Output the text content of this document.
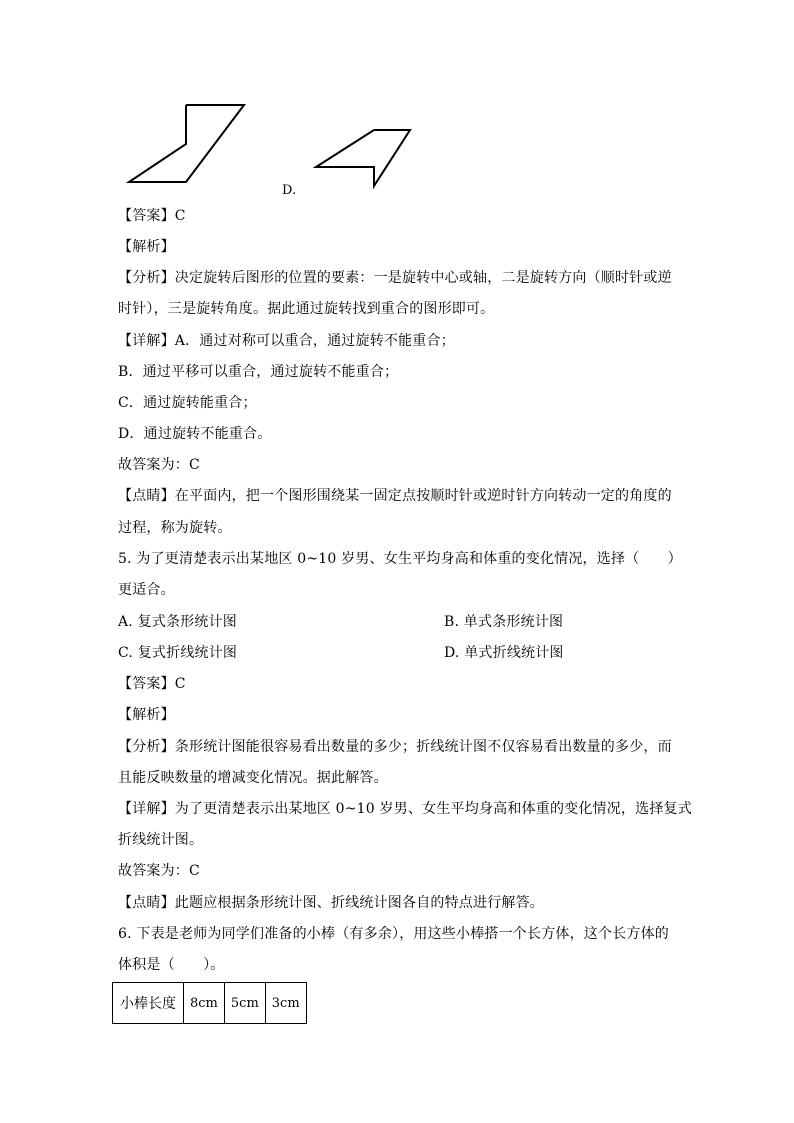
D.
【答案】C
【解析】
【分析】决定旋转后图形的位置的要素：一是旋转中心或轴，二是旋转方向（顺时针或逆
时针），三是旋转角度。据此通过旋转找到重合的图形即可。
【详解】A．通过对称可以重合，通过旋转不能重合；
B．通过平移可以重合，通过旋转不能重合；
C．通过旋转能重合；
D．通过旋转不能重合。
故答案为：C
【点睛】在平面内，把一个图形围绕某一固定点按顺时针或逆时针方向转动一定的角度的
过程，称为旋转。
5. 为了更清楚表示出某地区 0~10 岁男、女生平均身高和体重的变化情况，选择（　　）
更适合。
A. 复式条形统计图	B. 单式条形统计图
C. 复式折线统计图	D. 单式折线统计图
【答案】C
【解析】
【分析】条形统计图能很容易看出数量的多少；折线统计图不仅容易看出数量的多少，而
且能反映数量的增减变化情况。据此解答。
【详解】为了更清楚表示出某地区 0~10 岁男、女生平均身高和体重的变化情况，选择复式
折线统计图。
故答案为：C
【点睛】此题应根据条形统计图、折线统计图各自的特点进行解答。
6. 下表是老师为同学们准备的小棒（有多余），用这些小棒搭一个长方体，这个长方体的
体积是（　　）。
小棒长度	8cm	5cm	3cm
